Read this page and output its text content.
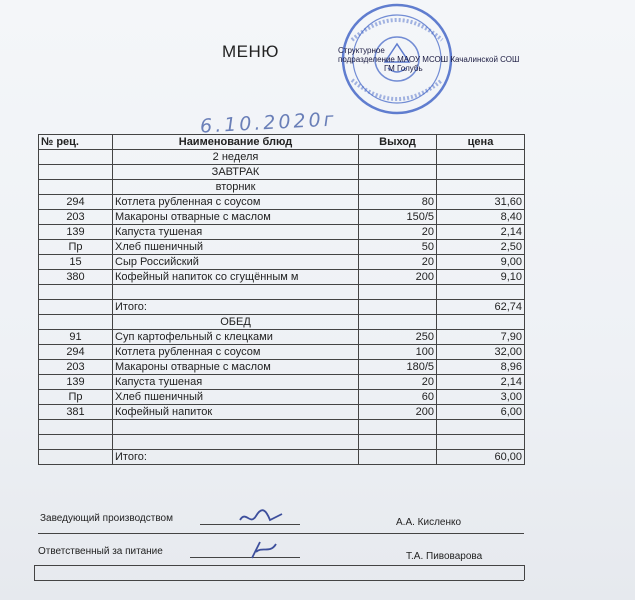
МЕНЮ	Структурное
подразделение МАОУ МСОШ Качалинской СОШ
ГМ Голубь
6.10.2020г
№ рец.	Наименование блюд	Выход	цена
	2 неделя		
	ЗАВТРАК		
	вторник		
294	Котлета рубленная с соусом	80	31,60
203	Макароны отварные с маслом	150/5	8,40
139	Капуста тушеная	20	2,14
Пр	Хлеб пшеничный	50	2,50
15	Сыр Российский	20	9,00
380	Кофейный напиток со сгущённым м	200	9,10

	Итого:		62,74
	ОБЕД		
91	Суп картофельный с клецками	250	7,90
294	Котлета рубленная с соусом	100	32,00
203	Макароны отварные с маслом	180/5	8,96
139	Капуста тушеная	20	2,14
Пр	Хлеб пшеничный	60	3,00
381	Кофейный напиток	200	6,00

	Итого:		60,00
Заведующий производством	А.А. Кисленко
Ответственный за питание	Т.А. Пивоварова
